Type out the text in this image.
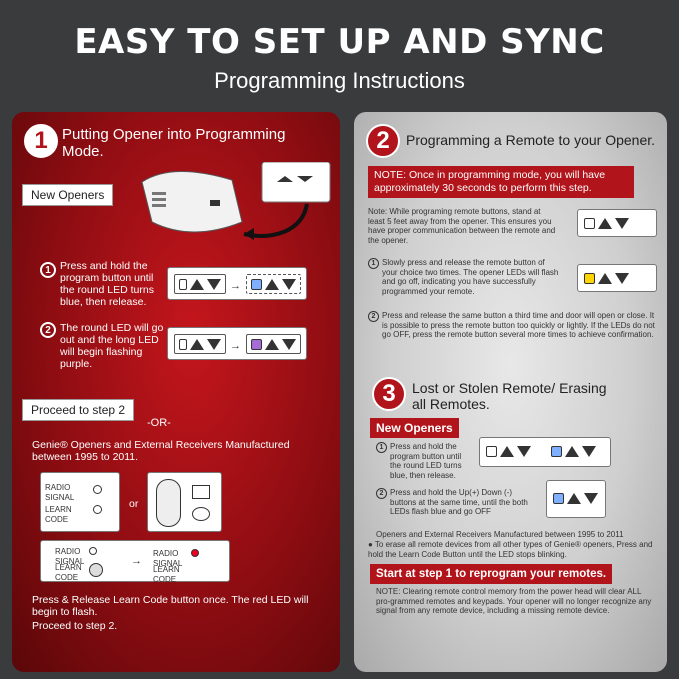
EASY TO SET UP AND SYNC
Programming Instructions
1 Putting Opener into Programming Mode.
New Openers
1 Press and hold the program button until the round LED turns blue, then release.
→
2 The round LED will go out and the long LED will begin flashing purple.
→
Proceed to step 2
-OR-
Genie® Openers and External Receivers Manufactured between 1995 to 2011.
RADIO SIGNAL
LEARN CODE
or
RADIO SIGNAL
LEARN CODE
→
RADIO SIGNAL
LEARN CODE
Press & Release Learn Code button once. The red LED will begin to flash.
Proceed to step 2.
2	Programming a Remote to your Opener.
NOTE: Once in programming mode, you will have approximately 30 seconds to perform this step.
Note: While programing remote buttons, stand at least 5 feet away from the opener. This ensures you have proper communication between the remote and the opener.
1 Slowly press and release the remote button of your choice two times. The opener LEDs will flash and go off, indicating you have successfully programmed your remote.
2 Press and release the same button a third time and door will open or close. It is possible to press the remote button too quickly or lightly. If the LEDs do not go OFF, press the remote button several more times to achieve confirmation.
3	Lost or Stolen Remote/ Erasing all Remotes.
New Openers
1 Press and hold the program button until the round LED turns blue, then release.
2 Press and hold the Up(+) Down (-) buttons at the same time, until the both LEDs flash blue and go OFF
Openers and External Receivers Manufactured between 1995 to 2011
● To erase all remote devices from all other types of Genie® openers, Press and hold the Learn Code Button until the LED stops blinking.
Start at step 1 to reprogram your remotes.
NOTE: Clearing remote control memory from the power head will clear ALL pro-grammed remotes and keypads. Your opener will no longer recognize any signal from any remote device, including a missing remote device.
